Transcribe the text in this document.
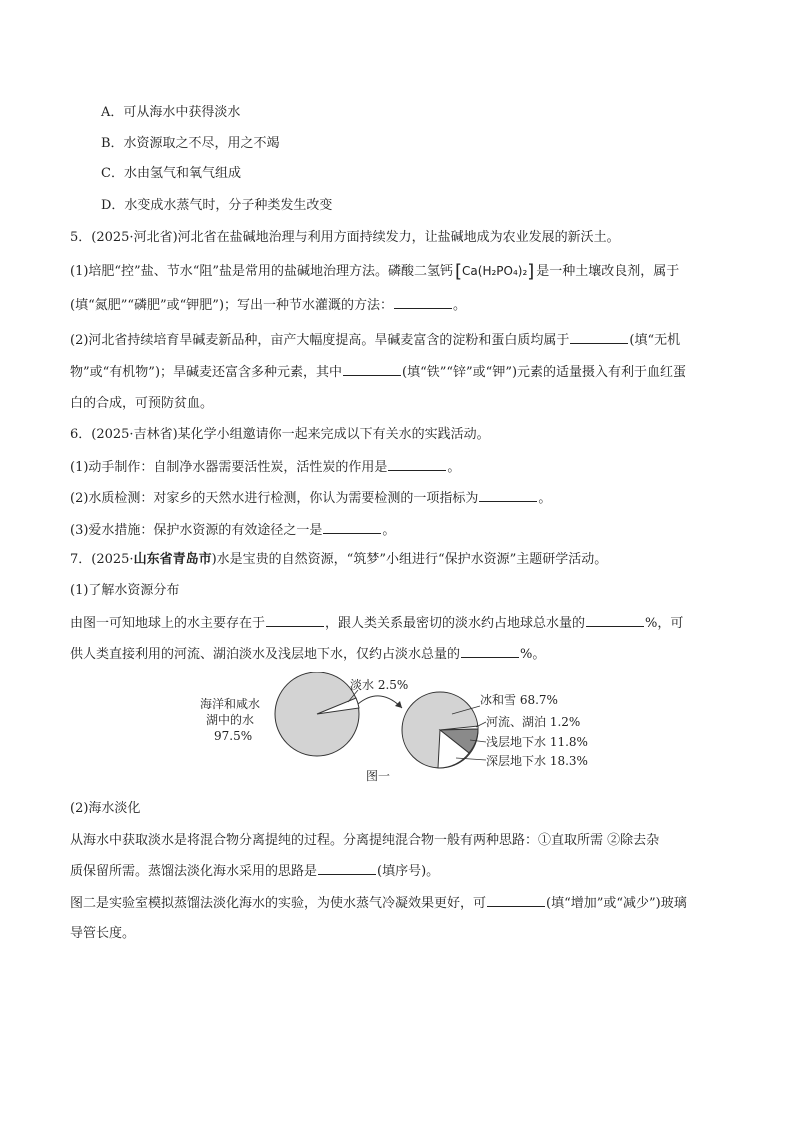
A．可从海水中获得淡水
B．水资源取之不尽，用之不竭
C．水由氢气和氧气组成
D．水变成水蒸气时，分子种类发生改变
5．(2025·河北省)河北省在盐碱地治理与利用方面持续发力，让盐碱地成为农业发展的新沃土。
(1)培肥“控”盐、节水“阻”盐是常用的盐碱地治理方法。磷酸二氢钙 [Ca(H₂PO₄)₂] 是一种土壤改良剂，属于
(填“氮肥”“磷肥”或“钾肥”)；写出一种节水灌溉的方法：	。
(2)河北省持续培育旱碱麦新品种，亩产大幅度提高。旱碱麦富含的淀粉和蛋白质均属于	(填“无机
物”或“有机物”)；旱碱麦还富含多种元素，其中	(填“铁”“锌”或“钾”)元素的适量摄入有利于血红蛋
白的合成，可预防贫血。
6．(2025·吉林省)某化学小组邀请你一起来完成以下有关水的实践活动。
(1)动手制作：自制净水器需要活性炭，活性炭的作用是	。
(2)水质检测：对家乡的天然水进行检测，你认为需要检测的一项指标为	。
(3)爱水措施：保护水资源的有效途径之一是	。
7．(2025·山东省青岛市)水是宝贵的自然资源，“筑梦”小组进行“保护水资源”主题研学活动。
(1)了解水资源分布
由图一可知地球上的水主要存在于	，跟人类关系最密切的淡水约占地球总水量的	%，可
供人类直接利用的河流、湖泊淡水及浅层地下水，仅约占淡水总量的	%。
海洋和咸水
湖中的水
97.5%
淡水 2.5%
冰和雪 68.7%
河流、湖泊 1.2%
浅层地下水 11.8%
深层地下水 18.3%
图一
(2)海水淡化
从海水中获取淡水是将混合物分离提纯的过程。分离提纯混合物一般有两种思路：①直取所需 ②除去杂
质保留所需。蒸馏法淡化海水采用的思路是	(填序号)。
图二是实验室模拟蒸馏法淡化海水的实验，为使水蒸气冷凝效果更好，可	(填“增加”或“减少”)玻璃
导管长度。
